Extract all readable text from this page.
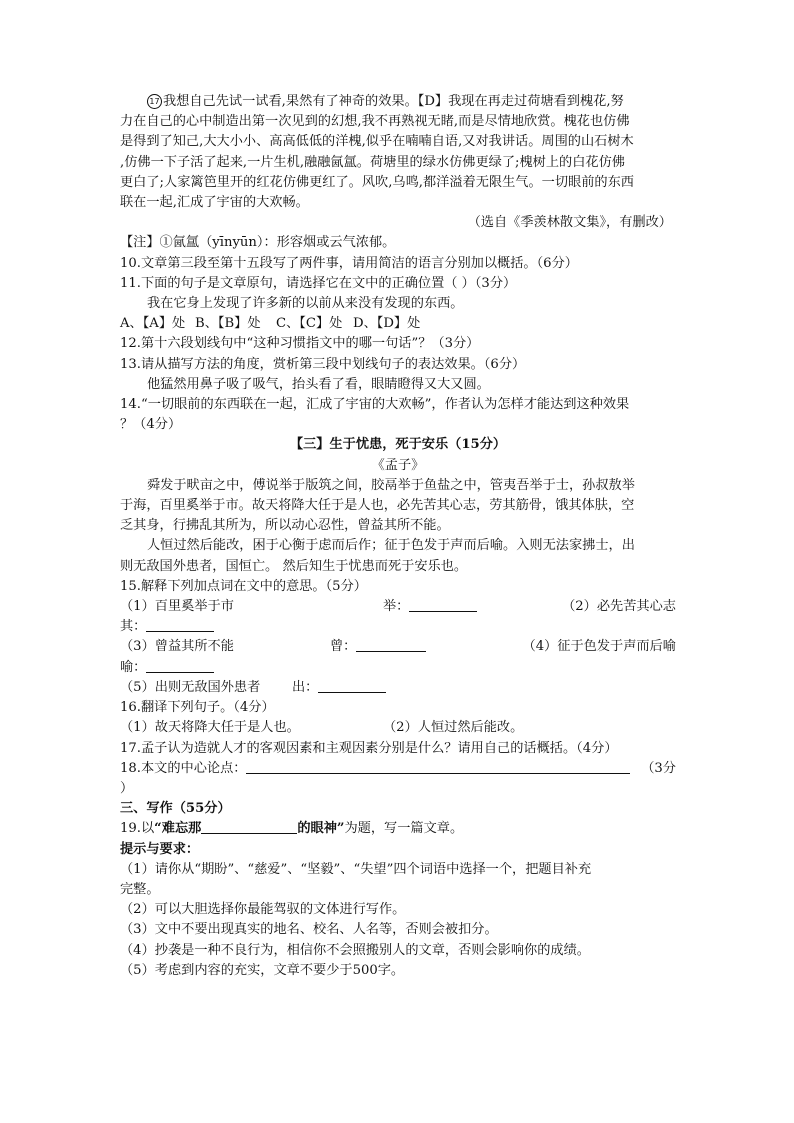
17 我想自己先试一试看,果然有了神奇的效果。【D】我现在再走过荷塘看到槐花,努
力在自己的心中制造出第一次见到的幻想,我不再熟视无睹,而是尽情地欣赏。槐花也仿佛
是得到了知己,大大小小、高高低低的洋槐,似乎在喃喃自语,又对我讲话。周围的山石树木
,仿佛一下子活了起来,一片生机,融融氤氲。荷塘里的绿水仿佛更绿了;槐树上的白花仿佛
更白了;人家篱笆里开的红花仿佛更红了。风吹,乌鸣,都洋溢着无限生气。一切眼前的东西
联在一起,汇成了宇宙的大欢畅。
（选自《季羡林散文集》，有删改）
【注】①氤氲（yīnyūn）：形容烟或云气浓郁。
10.文章第三段至第十五段写了两件事，请用简洁的语言分别加以概括。（6分）
11.下面的句子是文章原句，请选择它在文中的正确位置（ ）（3分）
我在它身上发现了许多新的以前从来没有发现的东西。
A、【A】处 B、【B】处 C、【C】处 D、【D】处
12.第十六段划线句中“这种习惯指文中的哪一句话”？（3分）
13.请从描写方法的角度，赏析第三段中划线句子的表达效果。（6分）
他猛然用鼻子吸了吸气，抬头看了看，眼睛瞪得又大又圆。
14.“一切眼前的东西联在一起，汇成了宇宙的大欢畅”，作者认为怎样才能达到这种效果
？（4分）
【三】生于忧患，死于安乐（15分）
《孟子》
舜发于畎亩之中，傅说举于版筑之间，胶鬲举于鱼盐之中，管夷吾举于士，孙叔敖举
于海，百里奚举于市。故天将降大任于是人也，必先苦其心志，劳其筋骨，饿其体肤，空
乏其身，行拂乱其所为，所以动心忍性，曾益其所不能。
人恒过然后能改，困于心衡于虑而后作；征于色发于声而后喻。入则无法家拂士，出
则无敌国外患者，国恒亡。 然后知生于忧患而死于安乐也。
15.解释下列加点词在文中的意思。（5分）
（1）百里奚举于市	举：	（2）必先苦其心志
其：
（3）曾益其所不能	曾：	（4）征于色发于声而后喻
喻：
（5）出则无敌国外患者	出：
16.翻译下列句子。（4分）
（1）故天将降大任于是人也。	（2）人恒过然后能改。
17.孟子认为造就人才的客观因素和主观因素分别是什么？请用自己的话概括。（4分）
18.本文的中心论点：	（3分
）
三、写作（55分）
19.以“难忘那	的眼神”为题，写一篇文章。
提示与要求：
（1）请你从“期盼”、“慈爱”、“坚毅”、“失望”四个词语中选择一个，把题目补充
完整。
（2）可以大胆选择你最能驾驭的文体进行写作。
（3）文中不要出现真实的地名、校名、人名等，否则会被扣分。
（4）抄袭是一种不良行为，相信你不会照搬别人的文章，否则会影响你的成绩。
（5）考虑到内容的充实，文章不要少于500字。
